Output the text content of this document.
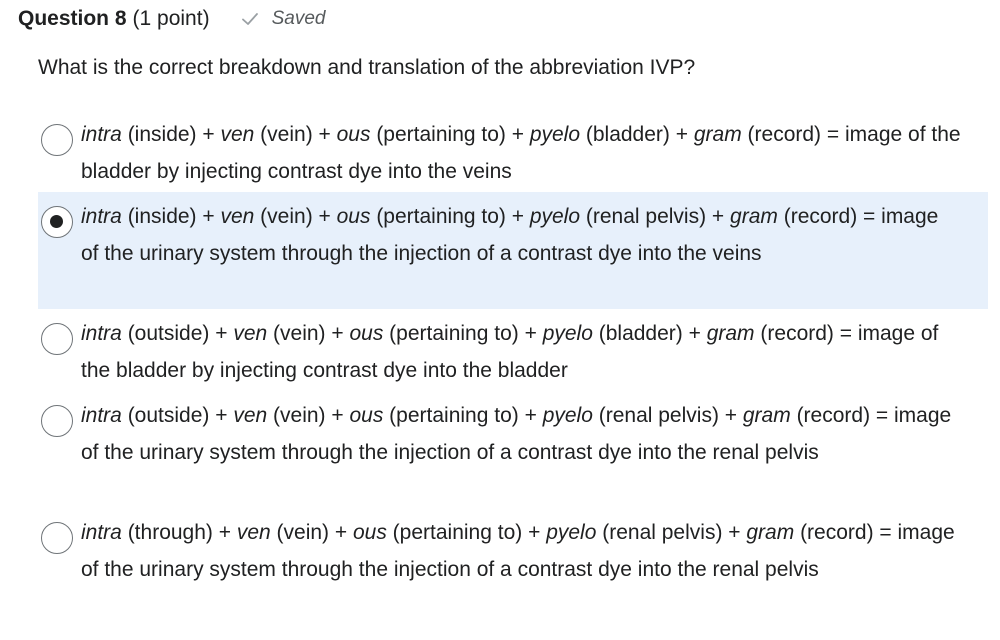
Question 8 (1 point)	Saved
What is the correct breakdown and translation of the abbreviation IVP?
intra (inside) + ven (vein) + ous (pertaining to) + pyelo (bladder) + gram (record) = image of the bladder by injecting contrast dye into the veins
intra (inside) + ven (vein) + ous (pertaining to) + pyelo (renal pelvis) + gram (record) = image of the urinary system through the injection of a contrast dye into the veins
intra (outside) + ven (vein) + ous (pertaining to) + pyelo (bladder) + gram (record) = image of the bladder by injecting contrast dye into the bladder
intra (outside) + ven (vein) + ous (pertaining to) + pyelo (renal pelvis) + gram (record) = image of the urinary system through the injection of a contrast dye into the renal pelvis
intra (through) + ven (vein) + ous (pertaining to) + pyelo (renal pelvis) + gram (record) = image of the urinary system through the injection of a contrast dye into the renal pelvis
